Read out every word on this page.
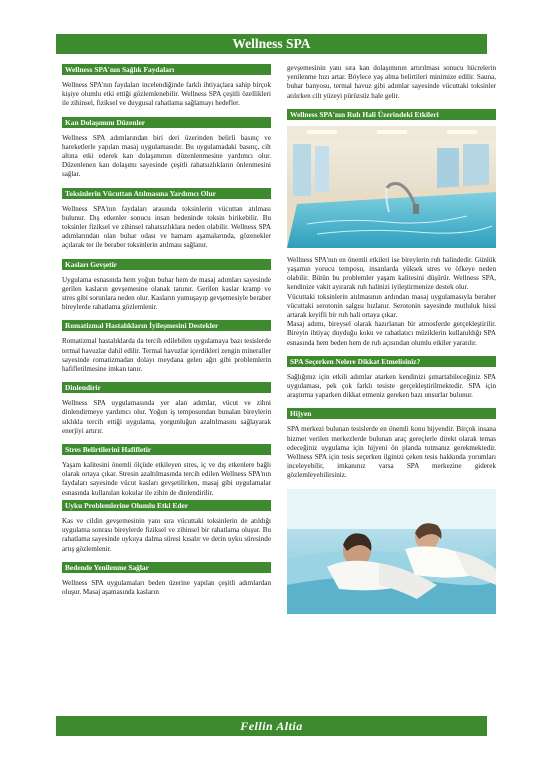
Wellness SPA
Wellness SPA'nın Sağlık Faydaları

Wellness SPA'nın faydaları incelendiğinde farklı ihtiyaçlara sahip birçok kişiye olumlu etki ettiği gözlemlenebilir. Wellness SPA çeşitli özellikleri ile zihinsel, fiziksel ve duygusal rahatlama sağlamayı hedefler.

Kan Dolaşımını Düzenler

Wellness SPA adımlarından biri deri üzerinden belirli basınç ve hareketlerle yapılan masaj uygulamasıdır. Bu uygulamadaki basınç, cilt altına etki ederek kan dolaşımının düzenlenmesine yardımcı olur. Düzenlenen kan dolaşımı sayesinde çeşitli rahatsızlıkların önlenmesini sağlar.

Toksinlerin Vücuttan Atılmasına Yardımcı Olur

Wellness SPA'nın faydaları arasında toksinlerin vücuttan atılması bulunur. Dış etkenler sonucu insan bedeninde toksin birikebilir. Bu toksinler fiziksel ve zihinsel rahatsızlıklara neden olabilir. Wellness SPA adımlarından olan buhar odası ve hamam aşamalarında, gözenekler açılarak ter ile beraber toksinlerin atılması sağlanır.

Kasları Gevşetir

Uygulama esnasında hem yoğun buhar hem de masaj adımları sayesinde gerilen kasların gevşemesine olanak tanınır. Gerilen kaslar kramp ve stres gibi sorunlara neden olur. Kasların yumuşayıp gevşemesiyle beraber bireylerde rahatlama gözlemlenir.

Romatizmal Hastalıkların İyileşmesini Destekler

Romatizmal hastalıklarda da tercih edilebilen uygulamaya bazı tesislerde termal havuzlar dahil edilir. Termal havuzlar içerdikleri zengin mineraller sayesinde romatizmadan dolayı meydana gelen ağrı gibi problemlerin hafifletilmesine imkan tanır.

Dinlendirir

Wellness SPA uygulamasında yer alan adımlar, vücut ve zihni dinlendirmeye yardımcı olur. Yoğun iş temposundan bunalan bireylerin sıklıkla tercih ettiği uygulama, yorgunluğun azaltılmasını sağlayarak enerjiyi artırır.

Stres Belirtilerini Hafifletir

Yaşam kalitesini önemli ölçüde etkileyen stres, iç ve dış etkenlere bağlı olarak ortaya çıkar. Stresin azaltılmasında tercih edilen Wellness SPA'nın faydaları sayesinde vücut kasları gevşetilirken, masaj gibi uygulamalar esnasında kullanılan kokular ile zihin de dinlendirilir.

Uyku Problemlerine Olumlu Etki Eder

Kas ve cildin gevşemesinin yanı sıra vücuttaki toksinlerin de atıldığı uygulama sonrası bireylerde fiziksel ve zihinsel bir rahatlama oluşur. Bu rahatlama sayesinde uykuya dalma süresi kısalır ve derin uyku süresinde artış gözlemlenir.

Bedende Yenilenme Sağlar

Wellness SPA uygulamaları beden üzerine yapılan çeşitli adımlardan oluşur. Masaj aşamasında kasların

gevşemesinin yanı sıra kan dolaşımının artırılması sonucu hücrelerin yenilenme hızı artar. Böylece yaş alma belirtileri minimize edilir. Sauna, buhar banyosu, termal havuz gibi adımlar sayesinde vücuttaki toksinler atılırken cilt yüzeyi pürüzsüz hale gelir.

Wellness SPA'nın Ruh Hali Üzerindeki Etkileri

Wellness SPA'nın en önemli etkileri ise bireylerin ruh halindedir. Günlük yaşamın yorucu temposu, insanlarda yüksek stres ve öfkeye neden olabilir. Bütün bu problemler yaşam kalitesini düşürür. Wellness SPA, kendinize vakit ayırarak ruh halinizi iyileştirmenize destek olur.

Vücuttaki toksinlerin atılmasının ardından masaj uygulamasıyla beraber vücuttaki serotonin salgısı hızlanır. Serotonin sayesinde mutluluk hissi artarak keyifli bir ruh hali ortaya çıkar.

Masaj adımı, bireysel olarak hazırlanan bir atmosferde gerçekleştirilir. Bireyin ihtiyaç duyduğu koku ve rahatlatıcı müziklerin kullanıldığı SPA esnasında hem beden hem de ruh açısından olumlu etkiler yaratılır.

SPA Seçerken Nelere Dikkat Etmelisiniz?

Sağlığınız için etkili adımlar atarken kendinizi şımartabileceğiniz SPA uygulaması, pek çok farklı tesiste gerçekleştirilmektedir. SPA için araştırma yaparken dikkat etmeniz gereken bazı unsurlar bulunur.

Hijyen

SPA merkezi bulunan tesislerde en önemli konu hijyendir. Birçok insana hizmet verilen merkezlerde bulunan araç gereçlerle direkt olarak temas edeceğiniz uygulama için hijyeni ön planda tutmanız gerekmektedir. Wellness SPA için tesis seçerken ilginizi çeken tesis hakkında yorumları inceleyebilir, imkanınız varsa SPA merkezine giderek gözlemleyebilirsiniz.

Fellin Altia
